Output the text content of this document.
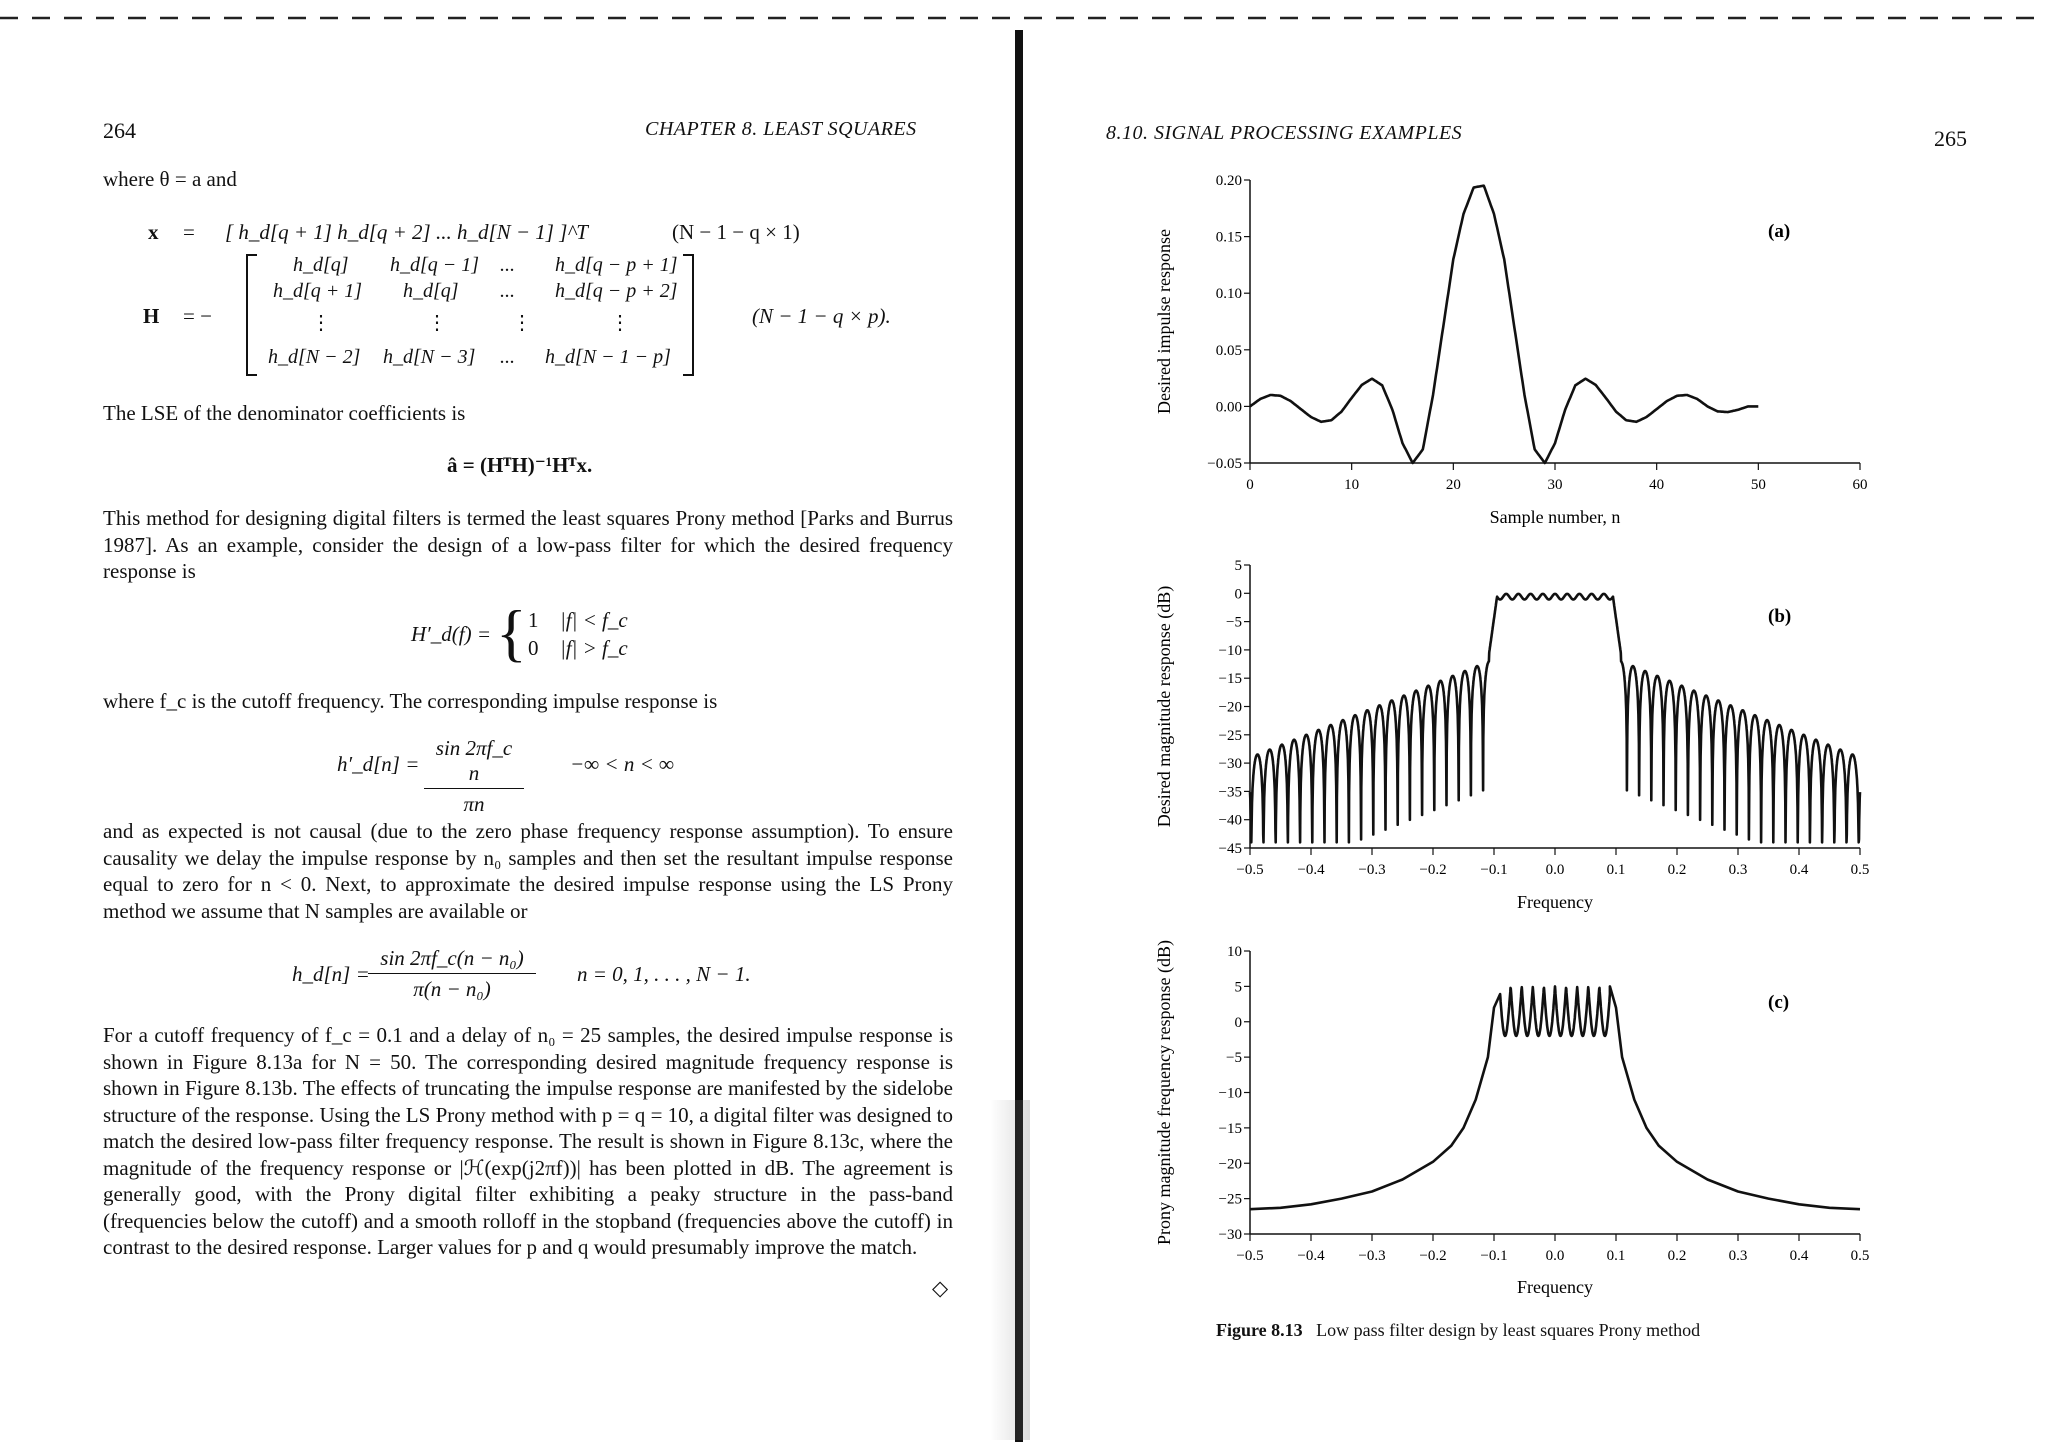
264	CHAPTER 8. LEAST SQUARES
where θ = a and
x = [ h_d[q + 1] h_d[q + 2] ... h_d[N − 1] ]^T	(N − 1 − q × 1)
H = −
h_d[q] h_d[q − 1] ... h_d[q − p + 1]
h_d[q + 1] h_d[q] ... h_d[q − p + 2]
⋮	⋮	⋮	⋮
h_d[N − 2] h_d[N − 3] ... h_d[N − 1 − p]
(N − 1 − q × p).
The LSE of the denominator coefficients is
â = (HᵀH)⁻¹Hᵀx.
This method for designing digital filters is termed the least squares Prony method [Parks and Burrus 1987]. As an example, consider the design of a low-pass filter for which the desired frequency response is
H′_d(f) = { 1 |f| < f_c
0 |f| > f_c
where f_c is the cutoff frequency. The corresponding impulse response is
h′_d[n] = $\frac{\text{sin 2πf\_c n}}{\pi n}$ −∞ < n < ∞
and as expected is not causal (due to the zero phase frequency response assumption). To ensure causality we delay the impulse response by n₀ samples and then set the resultant impulse response equal to zero for n < 0. Next, to approximate the desired impulse response using the LS Prony method we assume that N samples are available or
h_d[n] =
$\frac{\text{sin 2πf\_c(n − n₀)}}{\text{π(n − n₀)}}$ n = 0, 1, . . . , N − 1.
For a cutoff frequency of f_c = 0.1 and a delay of n₀ = 25 samples, the desired impulse response is shown in Figure 8.13a for N = 50. The corresponding desired magnitude frequency response is shown in Figure 8.13b. The effects of truncating the impulse response are manifested by the sidelobe structure of the response. Using the LS Prony method with p = q = 10, a digital filter was designed to match the desired low-pass filter frequency response. The result is shown in Figure 8.13c, where the magnitude of the frequency response or |ℋ(exp(j2πf))| has been plotted in dB. The agreement is generally good, with the Prony digital filter exhibiting a peaky structure in the pass-band (frequencies below the cutoff) and a smooth rolloff in the stopband (frequencies above the cutoff) in contrast to the desired response. Larger values for p and q would presumably improve the match.
◇
8.10. SIGNAL PROCESSING EXAMPLES	265
0.20
0.15
0.10
0.05
0.00
−0.05
0	10	20	30	40	50	60
Sample number, n
Desired impulse response	(a)
5
0
−5
−10
−15
−20
−25
−30
−35
−40
−45
−0.5 −0.4 −0.3 −0.2 −0.1	0.0	0.1	0.2	0.3	0.4	0.5
Frequency
Desired magnitude response (dB)	(b)
10
5
0
−5
−10
−15
−20
−25
−30
−0.5 −0.4 −0.3 −0.2 −0.1	0.0	0.1	0.2	0.3	0.4	0.5
Frequency
Prony magnitude frequency response (dB)	(c)
Figure 8.13 Low pass filter design by least squares Prony method
